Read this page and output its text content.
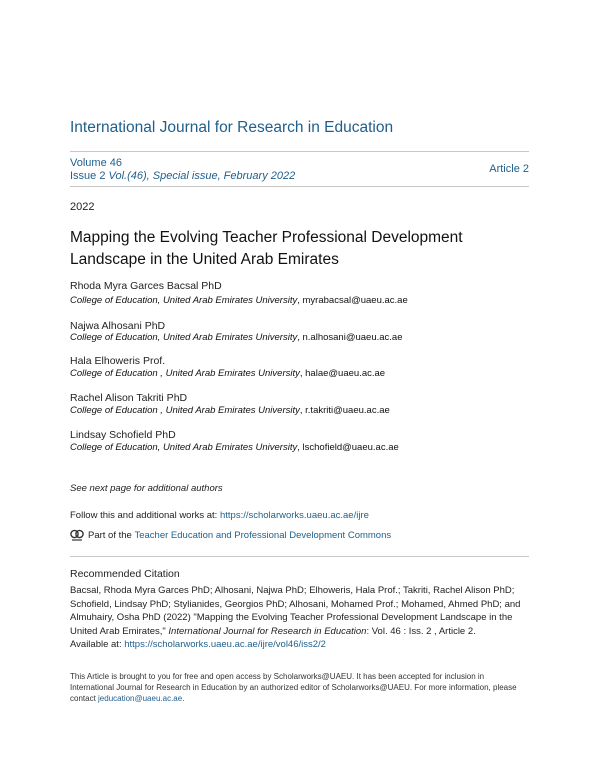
International Journal for Research in Education
Volume 46
Issue 2 Vol.(46), Special issue, February 2022
Article 2
2022
Mapping the Evolving Teacher Professional Development Landscape in the United Arab Emirates
Rhoda Myra Garces Bacsal PhD
College of Education, United Arab Emirates University, myrabacsal@uaeu.ac.ae
Najwa Alhosani PhD
College of Education, United Arab Emirates University, n.alhosani@uaeu.ac.ae
Hala Elhoweris Prof.
College of Education , United Arab Emirates University, halae@uaeu.ac.ae
Rachel Alison Takriti PhD
College of Education , United Arab Emirates University, r.takriti@uaeu.ac.ae
Lindsay Schofield PhD
College of Education, United Arab Emirates University, lschofield@uaeu.ac.ae
See next page for additional authors
Follow this and additional works at: https://scholarworks.uaeu.ac.ae/ijre
Part of the
Teacher Education and Professional Development Commons
Recommended Citation
Bacsal, Rhoda Myra Garces PhD; Alhosani, Najwa PhD; Elhoweris, Hala Prof.; Takriti, Rachel Alison PhD; Schofield, Lindsay PhD; Stylianides, Georgios PhD; Alhosani, Mohamed Prof.; Mohamed, Ahmed PhD; and Almuhairy, Osha PhD (2022) "Mapping the Evolving Teacher Professional Development Landscape in the United Arab Emirates," International Journal for Research in Education: Vol. 46 : Iss. 2 , Article 2.
Available at: https://scholarworks.uaeu.ac.ae/ijre/vol46/iss2/2
This Article is brought to you for free and open access by Scholarworks@UAEU. It has been accepted for inclusion in International Journal for Research in Education by an authorized editor of Scholarworks@UAEU. For more information, please contact jeducation@uaeu.ac.ae.
